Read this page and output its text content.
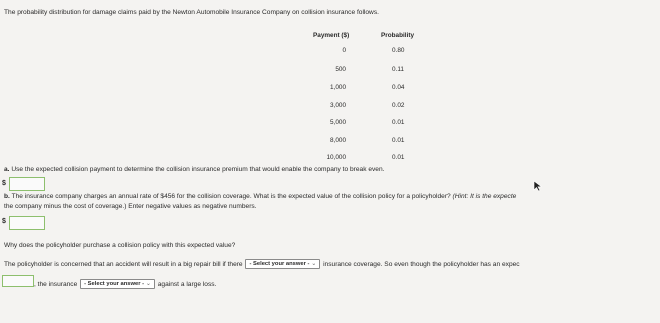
The probability distribution for damage claims paid by the Newton Automobile Insurance Company on collision insurance follows.
Payment ($)	Probability
0	0.80
500	0.11
1,000	0.04
3,000	0.02
5,000	0.01
8,000	0.01
10,000	0.01
a. Use the expected collision payment to determine the collision insurance premium that would enable the company to break even.
$
b. The insurance company charges an annual rate of $456 for the collision coverage. What is the expected value of the collision policy for a policyholder? (Hint: It is the expecte
the company minus the cost of coverage.) Enter negative values as negative numbers.
$
Why does the policyholder purchase a collision policy with this expected value?
The policyholder is concerned that an accident will result in a big repair bill if there - Select your answer - ⌄ insurance coverage. So even though the policyholder has an expec
, the insurance - Select your answer - ⌄ against a large loss.
